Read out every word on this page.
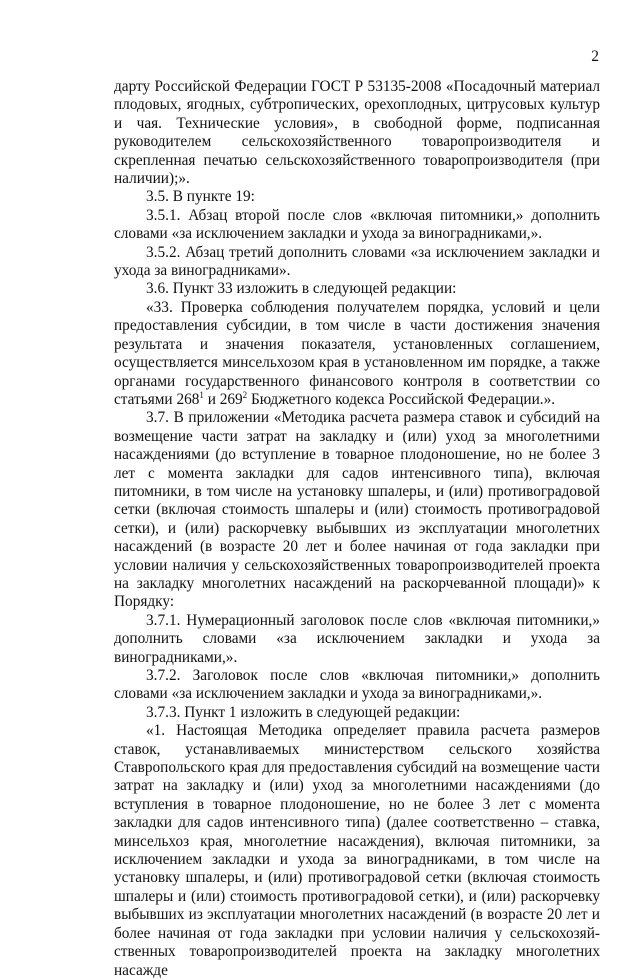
2

дарту Российской Федерации ГОСТ Р 53135-2008 «Посадочный материал плодовых, ягодных, субтропических, орехоплодных, цитрусовых культур и чая. Технические условия», в свободной форме, подписанная руководителем сельскохозяйственного товаропроизводителя и скрепленная печатью сельскохозяйственного товаропроизводителя (при наличии);».

3.5. В пункте 19:

3.5.1. Абзац второй после слов «включая питомники,» дополнить словами «за исключением закладки и ухода за виноградниками,».

3.5.2. Абзац третий дополнить словами «за исключением закладки и ухода за виноградниками».

3.6. Пункт 33 изложить в следующей редакции:

«33. Проверка соблюдения получателем порядка, условий и цели предоставления субсидии, в том числе в части достижения значения результата и значения показателя, установленных соглашением, осуществляется минсельхозом края в установленном им порядке, а также органами государственного финансового контроля в соответствии со статьями $268^1$ и $269^2$ Бюджетного кодекса Российской Федерации.».

3.7. В приложении «Методика расчета размера ставок и субсидий на возмещение части затрат на закладку и (или) уход за многолетними насаждениями (до вступление в товарное плодоношение, но не более 3 лет с момента закладки для садов интенсивного типа), включая питомники, в том числе на установку шпалеры, и (или) противоградовой сетки (включая стоимость шпалеры и (или) стоимость противоградовой сетки), и (или) раскорчевку выбывших из эксплуатации многолетних насаждений (в возрасте 20 лет и более начиная от года закладки при условии наличия у сельскохозяйственных товаропроизводителей проекта на закладку многолетних насаждений на раскорчеванной площади)» к Порядку:

3.7.1. Нумерационный заголовок после слов «включая питомники,» дополнить словами «за исключением закладки и ухода за виноградниками,».

3.7.2. Заголовок после слов «включая питомники,» дополнить словами «за исключением закладки и ухода за виноградниками,».

3.7.3. Пункт 1 изложить в следующей редакции:

«1. Настоящая Методика определяет правила расчета размеров ставок, устанавливаемых министерством сельского хозяйства Ставропольского края для предоставления субсидий на возмещение части затрат на закладку и (или) уход за многолетними насаждениями (до вступления в товарное плодоношение, но не более 3 лет с момента закладки для садов интенсивного типа) (далее соответственно – ставка, минсельхоз края, многолетние насаждения), включая питомники, за исключением закладки и ухода за виноградниками, в том числе на установку шпалеры, и (или) противоградовой сетки (включая стоимость шпалеры и (или) стоимость противоградовой сетки), и (или) раскорчевку выбывших из эксплуатации многолетних насаждений (в возрасте 20 лет и более начиная от года закладки при условии наличия у сельскохозяйственных товаропроизводителей проекта на закладку многолетних насажде
